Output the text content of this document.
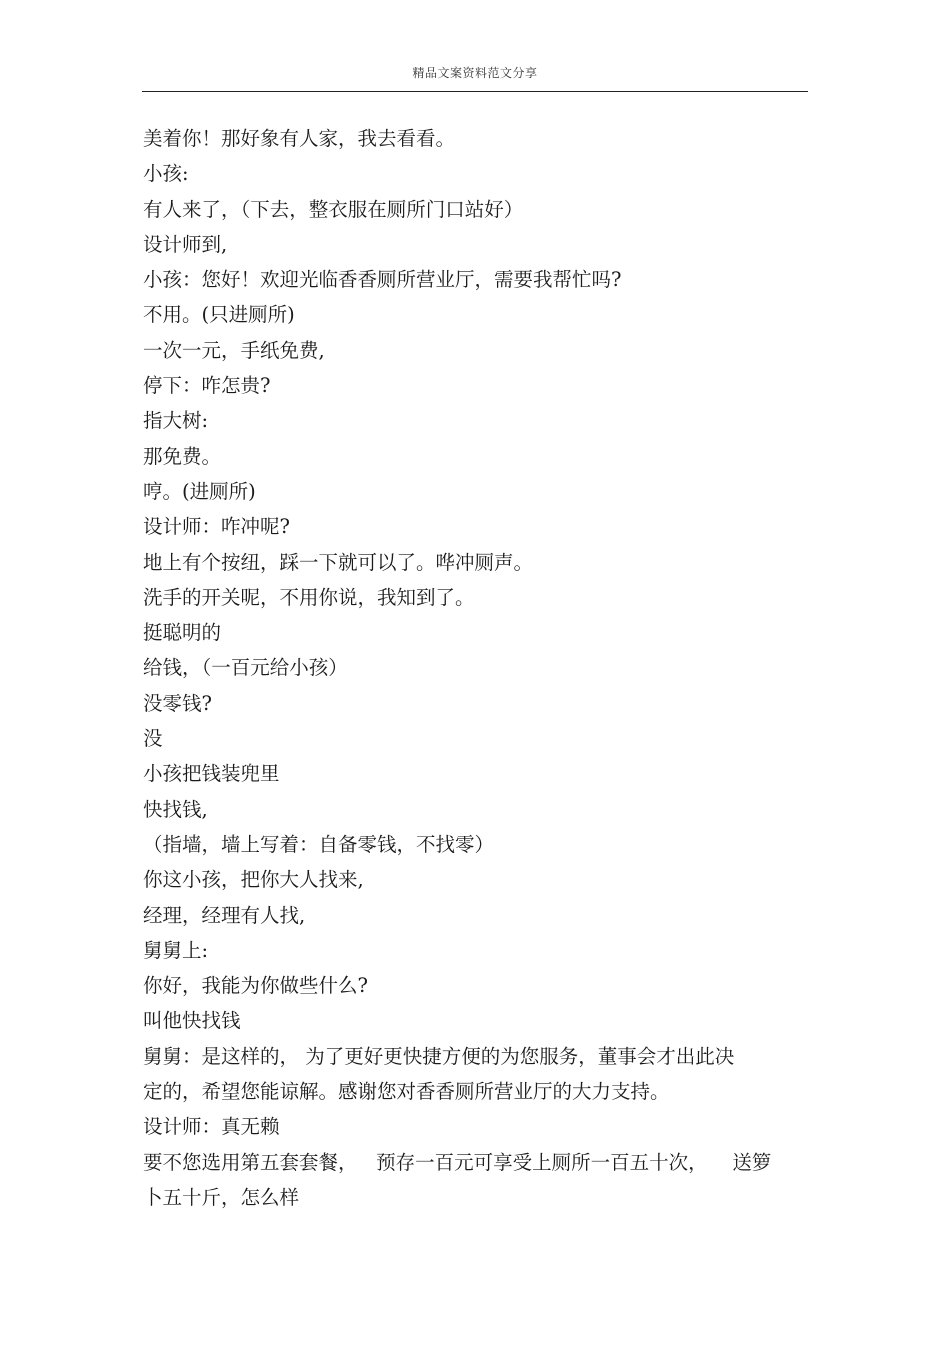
精品文案资料范文分享
美着你！那好象有人家，我去看看。
小孩:
有人来了，（下去，整衣服在厕所门口站好）
设计师到,
小孩：您好！欢迎光临香香厕所营业厅，需要我帮忙吗?
不用。(只进厕所)
一次一元，手纸免费,
停下：咋怎贵?
指大树:
那免费。
哼。(进厕所)
设计师：咋冲呢?
地上有个按纽，踩一下就可以了。哗冲厕声。
洗手的开关呢，不用你说，我知到了。
挺聪明的
给钱，（一百元给小孩）
没零钱?
没
小孩把钱装兜里
快找钱,
（指墙，墙上写着：自备零钱，不找零）
你这小孩，把你大人找来,
经理，经理有人找,
舅舅上:
你好，我能为你做些什么?
叫他快找钱
舅舅：是这样的， 为了更好更快捷方便的为您服务，董事会才出此决
定的，希望您能谅解。感谢您对香香厕所营业厅的大力支持。
设计师：真无赖
要不您选用第五套套餐，   预存一百元可享受上厕所一百五十次，    送箩
卜五十斤，怎么样
